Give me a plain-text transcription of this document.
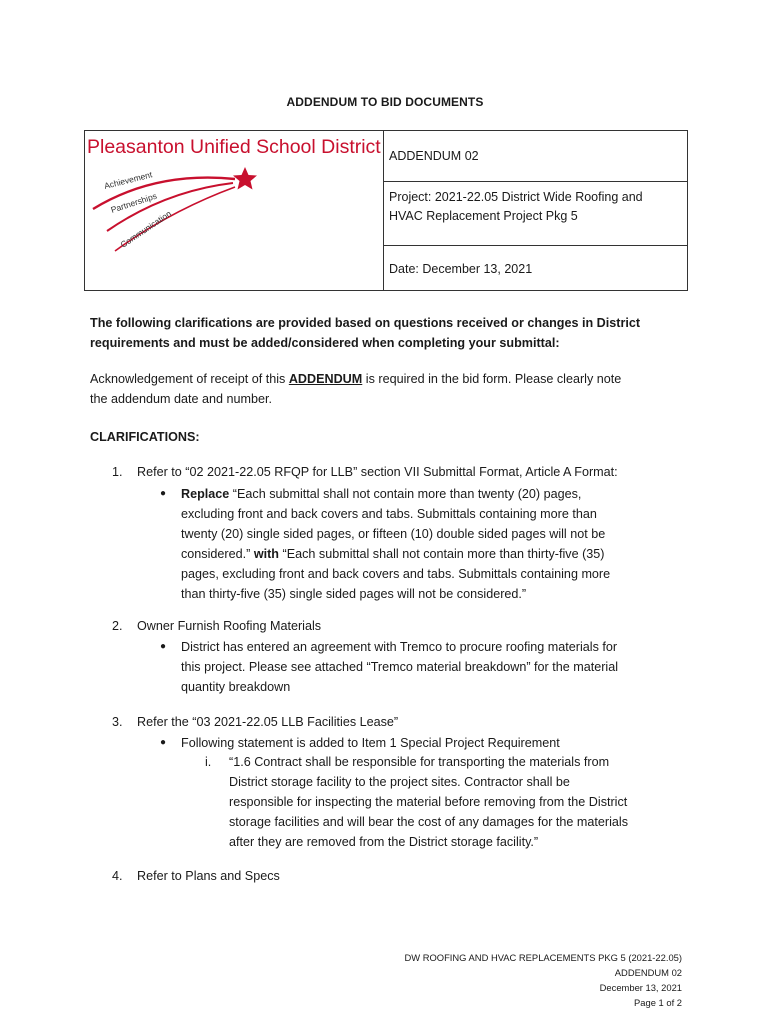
ADDENDUM TO BID DOCUMENTS
Pleasanton Unified School District
Achievement
Partnerships
Communication
ADDENDUM 02
Project: 2021-22.05 District Wide Roofing and
HVAC Replacement Project Pkg 5
Date: December 13, 2021
The following clarifications are provided based on questions received or changes in District
requirements and must be added/considered when completing your submittal:
Acknowledgement of receipt of this ADDENDUM is required in the bid form. Please clearly note
the addendum date and number.
CLARIFICATIONS:
1. Refer to “02 2021-22.05 RFQP for LLB” section VII Submittal Format, Article A Format:
● Replace “Each submittal shall not contain more than twenty (20) pages,
excluding front and back covers and tabs. Submittals containing more than
twenty (20) single sided pages, or fifteen (10) double sided pages will not be
considered.” with “Each submittal shall not contain more than thirty-five (35)
pages, excluding front and back covers and tabs. Submittals containing more
than thirty-five (35) single sided pages will not be considered.”
2. Owner Furnish Roofing Materials
● District has entered an agreement with Tremco to procure roofing materials for
this project. Please see attached “Tremco material breakdown” for the material
quantity breakdown
3. Refer the “03 2021-22.05 LLB Facilities Lease”
● Following statement is added to Item 1 Special Project Requirement
i. “1.6 Contract shall be responsible for transporting the materials from
District storage facility to the project sites. Contractor shall be
responsible for inspecting the material before removing from the District
storage facilities and will bear the cost of any damages for the materials
after they are removed from the District storage facility.”
4. Refer to Plans and Specs
DW ROOFING AND HVAC REPLACEMENTS PKG 5 (2021-22.05)
ADDENDUM 02
December 13, 2021
Page 1 of 2
